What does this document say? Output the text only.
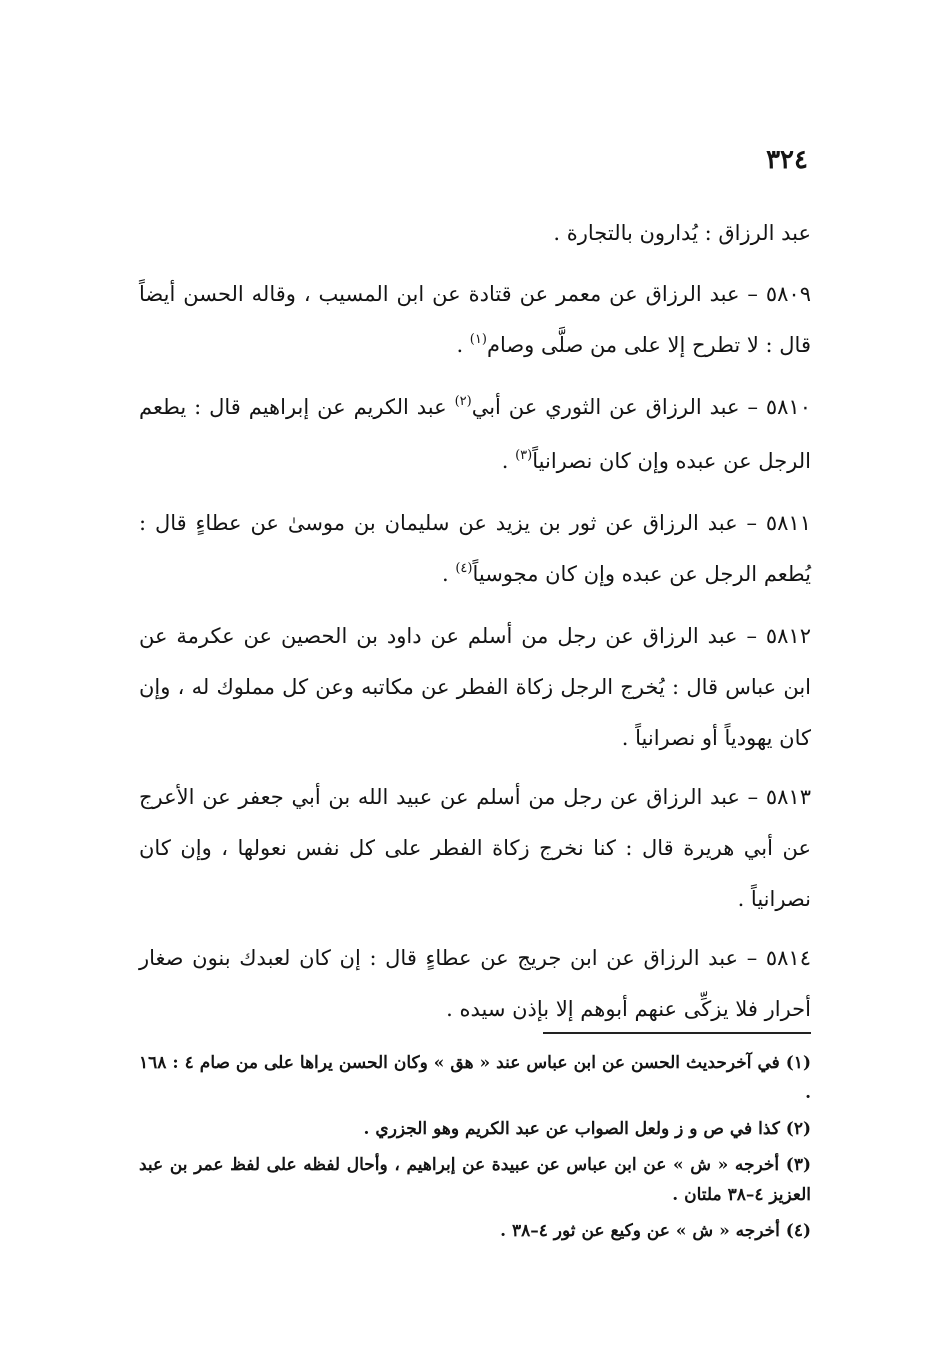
٣٢٤

عبد الرزاق : يُدارون بالتجارة .

٥٨٠٩ – عبد الرزاق عن معمر عن قتادة عن ابن المسيب ، وقاله الحسن أيضاً قال : لا تطرح إلا على من صلَّى وصام$^{(١)}$ .

٥٨١٠ – عبد الرزاق عن الثوري عن أبي$^{(٢)}$ عبد الكريم عن إبراهيم قال : يطعم الرجل عن عبده وإن كان نصرانياً$^{(٣)}$ .

٥٨١١ – عبد الرزاق عن ثور بن يزيد عن سليمان بن موسىٰ عن عطاءٍ قال : يُطعم الرجل عن عبده وإن كان مجوسياً$^{(٤)}$ .

٥٨١٢ – عبد الرزاق عن رجل من أسلم عن داود بن الحصين عن عكرمة عن ابن عباس قال : يُخرج الرجل زكاة الفطر عن مكاتبه وعن كل مملوك له ، وإن كان يهودياً أو نصرانياً .

٥٨١٣ – عبد الرزاق عن رجل من أسلم عن عبيد الله بن أبي جعفر عن الأعرج عن أبي هريرة قال : كنا نخرج زكاة الفطر على كل نفس نعولها ، وإن كان نصرانياً .

٥٨١٤ – عبد الرزاق عن ابن جريج عن عطاءٍ قال : إن كان لعبدك بنون صغار أحرار فلا يزكِّى عنهم أبوهم إلا بإذن سيده .

(١) في آخرحديث الحسن عن ابن عباس عند « هق » وكان الحسن يراها على من صام ٤ : ١٦٨ .

(٢) كذا في ص و ز ولعل الصواب عن عبد الكريم وهو الجزري .

(٣) أخرجه « ش » عن ابن عباس عن عبيدة عن إبراهيم ، وأحال لفظه على لفظ عمر بن عبد العزيز ٤–٣٨ ملتان .

(٤) أخرجه « ش » عن وكيع عن ثور ٤–٣٨ .
